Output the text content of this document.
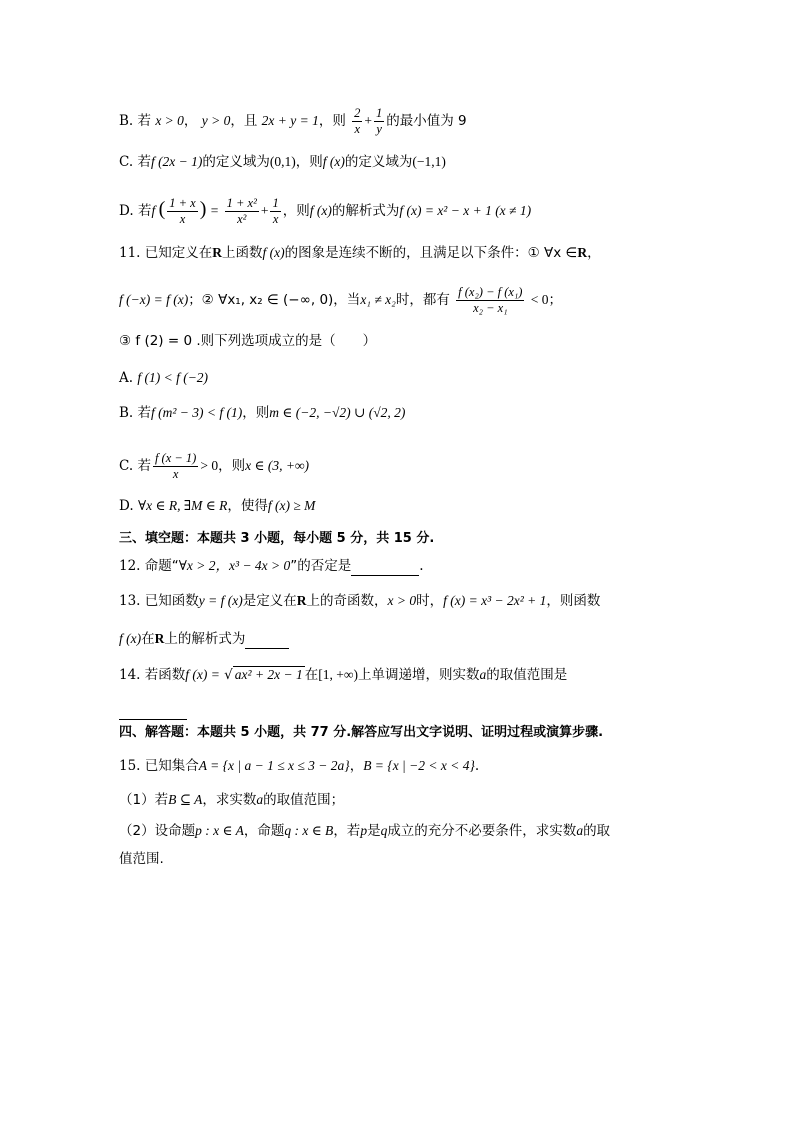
B. 若 x > 0， y > 0，且 2x + y = 1，则 $\frac{2}{x} + \frac{1}{y}$ 的最小值为 9
C. 若f (2x − 1)的定义域为(0,1)，则f (x)的定义域为(−1,1)
D. 若f ( $\frac{1 + x}{x}$ ) = $\frac{\text{1 + x²}}{\text{x²}} + \frac{1}{x}$ ，则f (x)的解析式为f (x) = x² − x + 1 (x ≠ 1)
11. 已知定义在R上函数f (x)的图象是连续不断的，且满足以下条件：① ∀x ∈R，
f (−x) = f (x)；② ∀x₁, x₂ ∈ (−∞, 0)，当x₁ ≠ x₂时，都有 $\frac{\text{f (x₂) − f (x₁)}}{\text{x₂ − x₁}} < 0$；
③ f (2) = 0 .则下列选项成立的是（　　）
A. f (1) < f (−2)
B. 若f (m² − 3) < f (1)，则m ∈ (−2, −√2) ∪ (√2, 2)
C. 若 $\frac{f (x - 1)}{x} > 0$，则x ∈ (3, +∞)
D. ∀x ∈ R, ∃M ∈ R，使得f (x) ≥ M
三、填空题：本题共 3 小题，每小题 5 分，共 15 分.
12. 命题“∀x > 2，x³ − 4x > 0”的否定是	.
13. 已知函数y = f (x)是定义在R上的奇函数，x > 0时，f (x) = x³ − 2x² + 1，则函数
f (x)在R上的解析式为
14. 若函数f (x) = √ ax² + 2x − 1 在[1, +∞)上单调递增，则实数a的取值范围是
四、解答题：本题共 5 小题，共 77 分.解答应写出文字说明、证明过程或演算步骤.
15. 已知集合A = {x | a − 1 ≤ x ≤ 3 − 2a}，B = {x | −2 < x < 4}.
（1）若B ⊆ A，求实数a的取值范围；
（2）设命题p : x ∈ A，命题q : x ∈ B，若p是q成立的充分不必要条件，求实数a的取
值范围.
